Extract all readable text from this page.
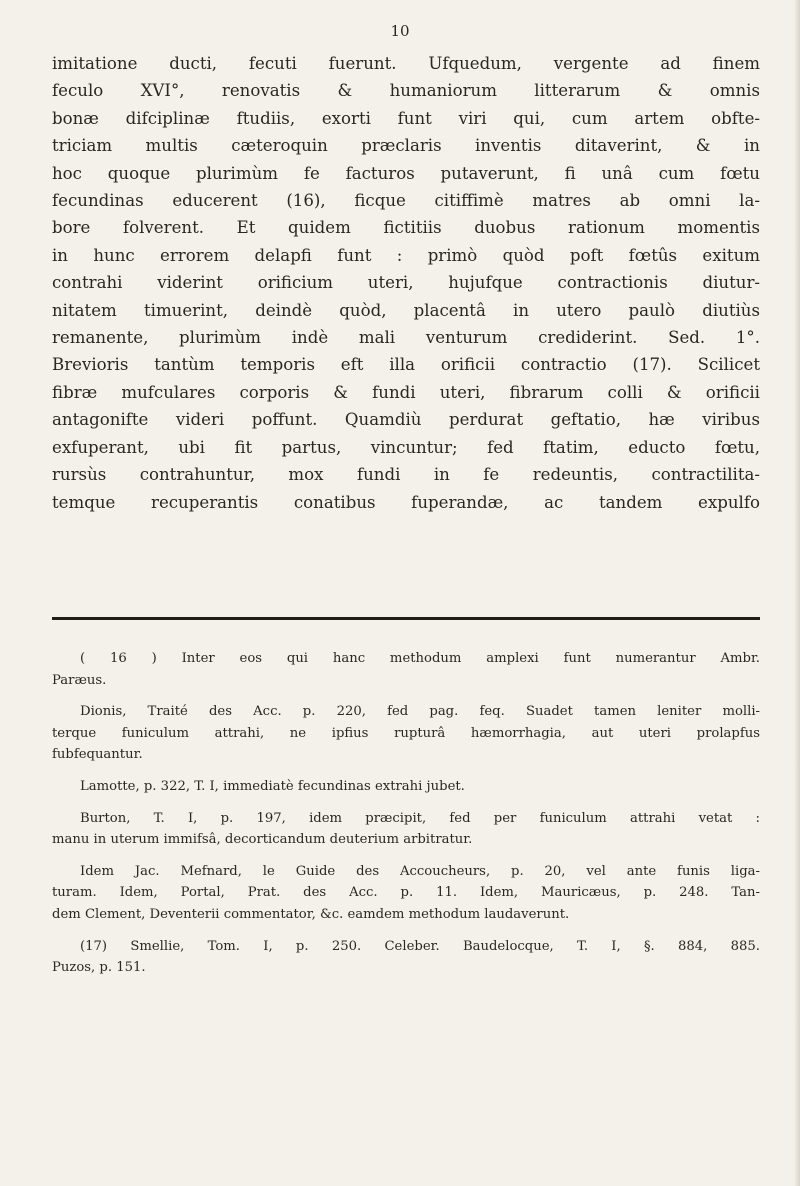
10
imitatione ducti, fecuti fuerunt. Ufquedum, vergente ad finem
feculo XVI°, renovatis & humaniorum litterarum & omnis
bonæ difciplinæ ftudiis, exorti funt viri qui, cum artem obfte-
triciam multis cæteroquin præclaris inventis ditaverint, & in
hoc quoque plurimùm fe facturos putaverunt, fi unâ cum fœtu
fecundinas educerent (16), ficque citiffimè matres ab omni la-
bore folverent. Et quidem fictitiis duobus rationum momentis
in hunc errorem delapfi funt : primò quòd poft fœtûs exitum
contrahi viderint orificium uteri, hujufque contractionis diutur-
nitatem timuerint, deindè quòd, placentâ in utero paulò diutiùs
remanente, plurimùm indè mali venturum crediderint. Sed. 1°.
Brevioris tantùm temporis eft illa orificii contractio (17). Scilicet
fibræ mufculares corporis & fundi uteri, fibrarum colli & orificii
antagonifte videri poffunt. Quamdiù perdurat geftatio, hæ viribus
exfuperant, ubi fit partus, vincuntur; fed ftatim, educto fœtu,
rursùs contrahuntur, mox fundi in fe redeuntis, contractilita-
temque recuperantis conatibus fuperandæ, ac tandem expulfo
( 16 ) Inter eos qui hanc methodum amplexi funt numerantur Ambr.
Paræus.
Dionis, Traité des Acc. p. 220, fed pag. feq. Suadet tamen leniter molli-
terque funiculum attrahi, ne ipfius rupturâ hæmorrhagia, aut uteri prolapfus
fubfequantur.
Lamotte, p. 322, T. I, immediatè fecundinas extrahi jubet.
Burton, T. I, p. 197, idem præcipit, fed per funiculum attrahi vetat :
manu in uterum immifsâ, decorticandum deuterium arbitratur.
Idem Jac. Mefnard, le Guide des Accoucheurs, p. 20, vel ante funis liga-
turam. Idem, Portal, Prat. des Acc. p. 11. Idem, Mauricæus, p. 248. Tan-
dem Clement, Deventerii commentator, &c. eamdem methodum laudaverunt.
(17) Smellie, Tom. I, p. 250. Celeber. Baudelocque, T. I, §. 884, 885.
Puzos, p. 151.
